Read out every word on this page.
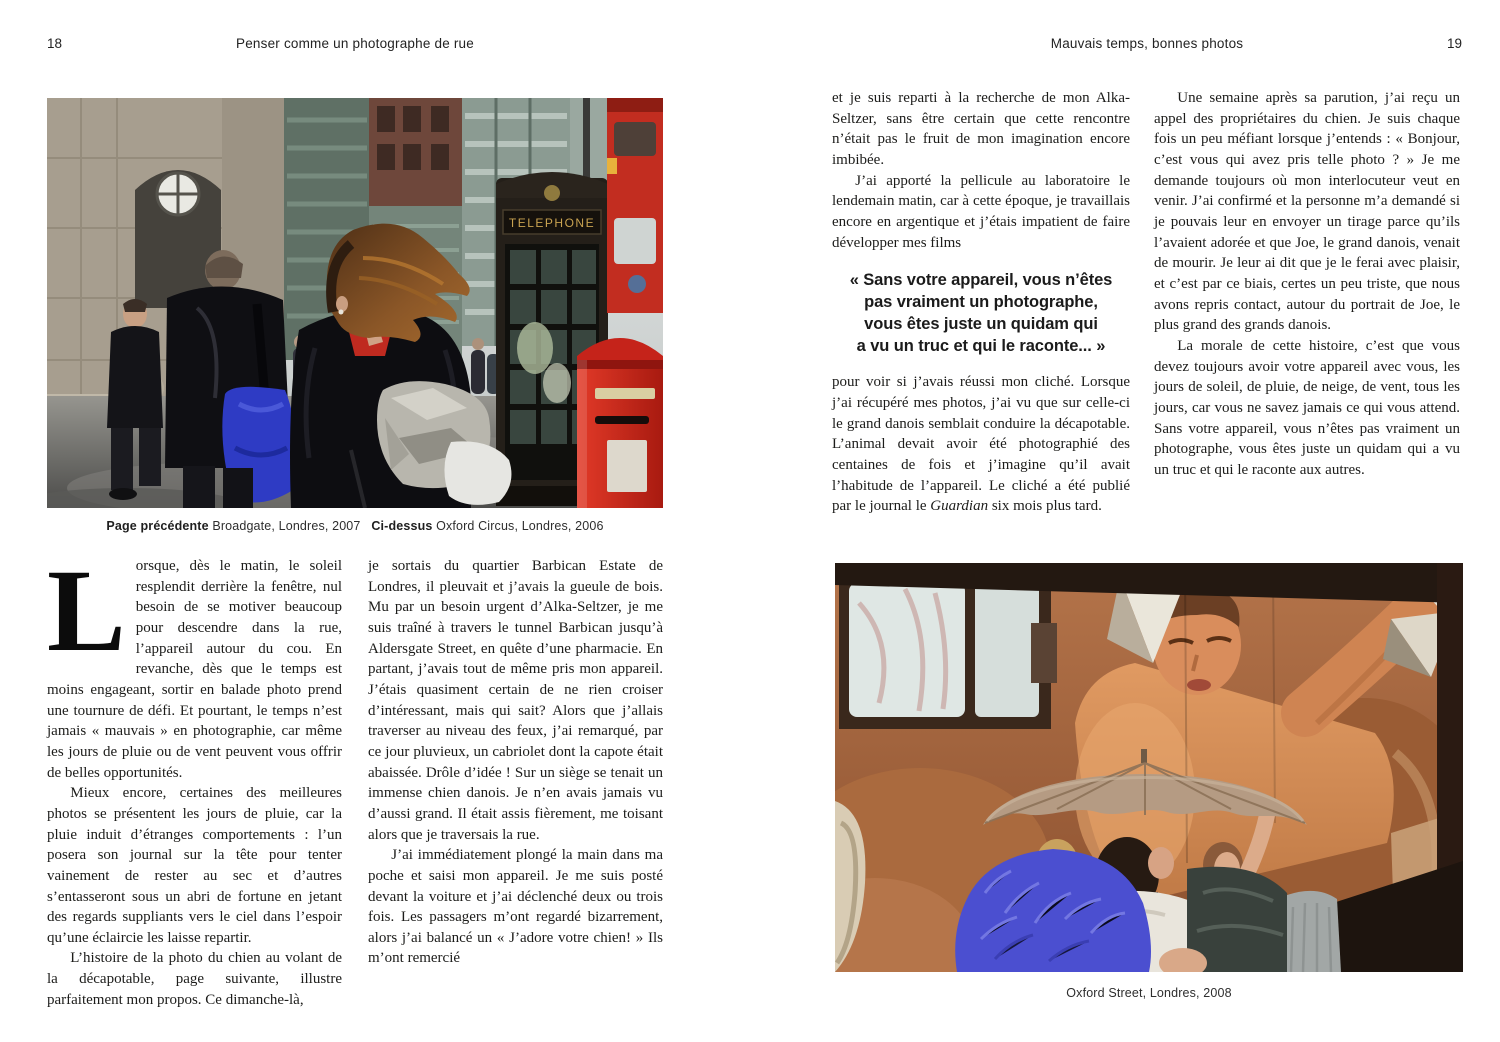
18	Penser comme un photographe de rue	Mauvais temps, bonnes photos	19
TELEPHONE
Page précédente Broadgate, Londres, 2007 Ci-dessus Oxford Circus, Londres, 2006

Lorsque, dès le matin, le soleil resplendit derrière la fenêtre, nul besoin de se motiver beaucoup pour descendre dans la rue, l’appareil autour du cou. En revanche, dès que le temps est moins engageant, sortir en balade photo prend une tournure de défi. Et pourtant, le temps n’est jamais « mauvais » en photographie, car même les jours de pluie ou de vent peuvent vous offrir de belles opportunités.

Mieux encore, certaines des meilleures photos se présentent les jours de pluie, car la pluie induit d’étranges comportements : l’un posera son journal sur la tête pour tenter vainement de rester au sec et d’autres s’entasseront sous un abri de fortune en jetant des regards suppliants vers le ciel dans l’espoir qu’une éclaircie les laisse repartir.

L’histoire de la photo du chien au volant de la décapotable, page suivante, illustre parfaitement mon propos. Ce dimanche-là,

je sortais du quartier Barbican Estate de Londres, il pleuvait et j’avais la gueule de bois. Mu par un besoin urgent d’Alka-Seltzer, je me suis traîné à travers le tunnel Barbican jusqu’à Aldersgate Street, en quête d’une pharmacie. En partant, j’avais tout de même pris mon appareil. J’étais quasiment certain de ne rien croiser d’intéressant, mais qui sait? Alors que j’allais traverser au niveau des feux, j’ai remarqué, par ce jour pluvieux, un cabriolet dont la capote était abaissée. Drôle d’idée ! Sur un siège se tenait un immense chien danois. Je n’en avais jamais vu d’aussi grand. Il était assis fièrement, me toisant alors que je traversais la rue.

J’ai immédiatement plongé la main dans ma poche et saisi mon appareil. Je me suis posté devant la voiture et j’ai déclenché deux ou trois fois. Les passagers m’ont regardé bizarrement, alors j’ai balancé un « J’adore votre chien! » Ils m’ont remercié

et je suis reparti à la recherche de mon Alka-Seltzer, sans être certain que cette rencontre n’était pas le fruit de mon imagination encore imbibée.

J’ai apporté la pellicule au laboratoire le lendemain matin, car à cette époque, je travaillais encore en argentique et j’étais impatient de faire développer mes films

« Sans votre appareil, vous n’êtes
pas vraiment un photographe,
vous êtes juste un quidam qui
a vu un truc et qui le raconte... »

pour voir si j’avais réussi mon cliché. Lorsque j’ai récupéré mes photos, j’ai vu que sur celle-ci le grand danois semblait conduire la décapotable. L’animal devait avoir été photographié des centaines de fois et j’imagine qu’il avait l’habitude de l’appareil. Le cliché a été publié par le journal le Guardian six mois plus tard.

Une semaine après sa parution, j’ai reçu un appel des propriétaires du chien. Je suis chaque fois un peu méfiant lorsque j’entends : « Bonjour, c’est vous qui avez pris telle photo ? » Je me demande toujours où mon interlocuteur veut en venir. J’ai confirmé et la personne m’a demandé si je pouvais leur en envoyer un tirage parce qu’ils l’avaient adorée et que Joe, le grand danois, venait de mourir. Je leur ai dit que je le ferai avec plaisir, et c’est par ce biais, certes un peu triste, que nous avons repris contact, autour du portrait de Joe, le plus grand des grands danois.

La morale de cette histoire, c’est que vous devez toujours avoir votre appareil avec vous, les jours de soleil, de pluie, de neige, de vent, tous les jours, car vous ne savez jamais ce qui vous attend. Sans votre appareil, vous n’êtes pas vraiment un photographe, vous êtes juste un quidam qui a vu un truc et qui le raconte aux autres.

Oxford Street, Londres, 2008
